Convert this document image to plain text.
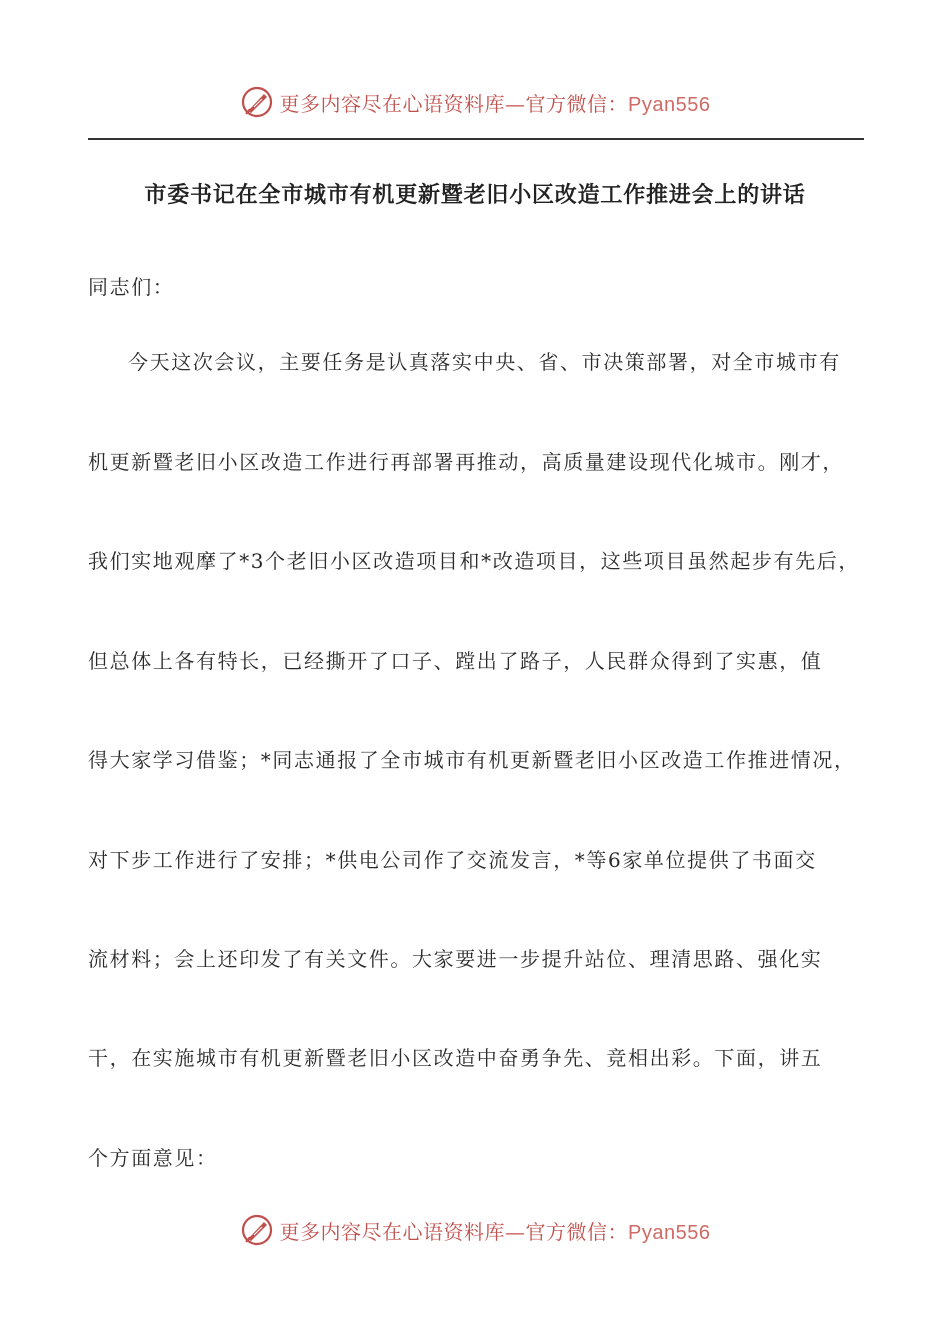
更多内容尽在心语资料库—官方微信：Pyan556
市委书记在全市城市有机更新暨老旧小区改造工作推进会上的讲话
同志们：
今天这次会议，主要任务是认真落实中央、省、市决策部署，对全市城市有
机更新暨老旧小区改造工作进行再部署再推动，高质量建设现代化城市。刚才，
我们实地观摩了*3个老旧小区改造项目和*改造项目，这些项目虽然起步有先后，
但总体上各有特长，已经撕开了口子、蹚出了路子，人民群众得到了实惠，值
得大家学习借鉴；*同志通报了全市城市有机更新暨老旧小区改造工作推进情况，
对下步工作进行了安排；*供电公司作了交流发言，*等6家单位提供了书面交
流材料；会上还印发了有关文件。大家要进一步提升站位、理清思路、强化实
干，在实施城市有机更新暨老旧小区改造中奋勇争先、竞相出彩。下面，讲五
个方面意见：
更多内容尽在心语资料库—官方微信：Pyan556
